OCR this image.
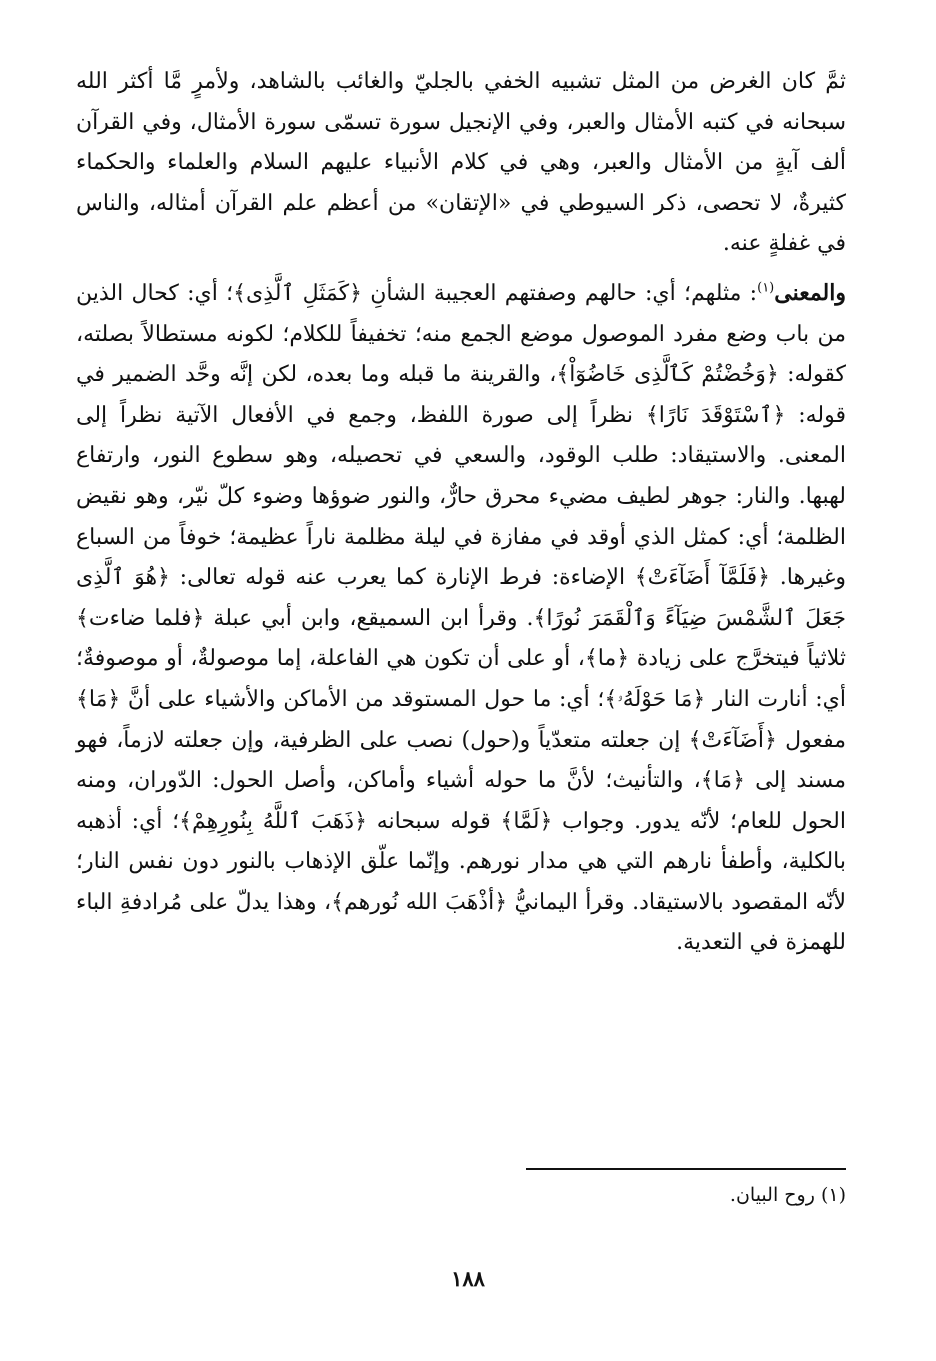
ثمَّ كان الغرض من المثل تشبيه الخفي بالجليّ والغائب بالشاهد، ولأمرٍ مَّا أكثر الله سبحانه في كتبه الأمثال والعبر، وفي الإنجيل سورة تسمّى سورة الأمثال، وفي القرآن ألف آيةٍ من الأمثال والعبر، وهي في كلام الأنبياء عليهم السلام والعلماء والحكماء كثيرةٌ، لا تحصى، ذكر السيوطي في «الإتقان» من أعظم علم القرآن أمثاله، والناس في غفلةٍ عنه.

والمعنى$^{(١)}$: مثلهم؛ أي: حالهم وصفتهم العجيبة الشأنِ ﴿كَمَثَلِ ٱلَّذِى﴾؛ أي: كحال الذين من باب وضع مفرد الموصول موضع الجمع منه؛ تخفيفاً للكلام؛ لكونه مستطالاً بصلته، كقوله: ﴿وَخُضْتُمْ كَٱلَّذِى خَاضُوٓاْ﴾، والقرينة ما قبله وما بعده، لكن إنَّه وحَّد الضمير في قوله: ﴿ٱسْتَوْقَدَ نَارًا﴾ نظراً إلى صورة اللفظ، وجمع في الأفعال الآتية نظراً إلى المعنى. والاستيقاد: طلب الوقود، والسعي في تحصيله، وهو سطوع النور، وارتفاع لهبها. والنار: جوهر لطيف مضيء محرق حارٌّ، والنور ضوؤها وضوء كلّ نيّر، وهو نقيض الظلمة؛ أي: كمثل الذي أوقد في مفازة في ليلة مظلمة ناراً عظيمة؛ خوفاً من السباع وغيرها. ﴿فَلَمَّآ أَضَآءَتْ﴾ الإضاءة: فرط الإنارة كما يعرب عنه قوله تعالى: ﴿هُوَ ٱلَّذِى جَعَلَ ٱلشَّمْسَ ضِيَآءً وَٱلْقَمَرَ نُورًا﴾. وقرأ ابن السميقع، وابن أبي عبلة ﴿فلما ضاءت﴾ ثلاثياً فيتخرَّج على زيادة ﴿ما﴾، أو على أن تكون هي الفاعلة، إما موصولةٌ، أو موصوفةٌ؛ أي: أنارت النار ﴿مَا حَوْلَهُۥ﴾؛ أي: ما حول المستوقد من الأماكن والأشياء على أنَّ ﴿مَا﴾ مفعول ﴿أَضَآءَتْ﴾ إن جعلته متعدّياً و(حول) نصب على الظرفية، وإن جعلته لازماً، فهو مسند إلى ﴿مَا﴾، والتأنيث؛ لأنَّ ما حوله أشياء وأماكن، وأصل الحول: الدّوران، ومنه الحول للعام؛ لأنّه يدور. وجواب ﴿لَمَّا﴾ قوله سبحانه ﴿ذَهَبَ ٱللَّهُ بِنُورِهِمْ﴾؛ أي: أذهبه بالكلية، وأطفأ نارهم التي هي مدار نورهم. وإنّما علّق الإذهاب بالنور دون نفس النار؛ لأنّه المقصود بالاستيقاد. وقرأ اليمانيُّ ﴿أذْهَبَ الله نُورهم﴾، وهذا يدلّ على مُرادفةِ الباء للهمزة في التعدية.

(١) روح البيان.
١٨٨
